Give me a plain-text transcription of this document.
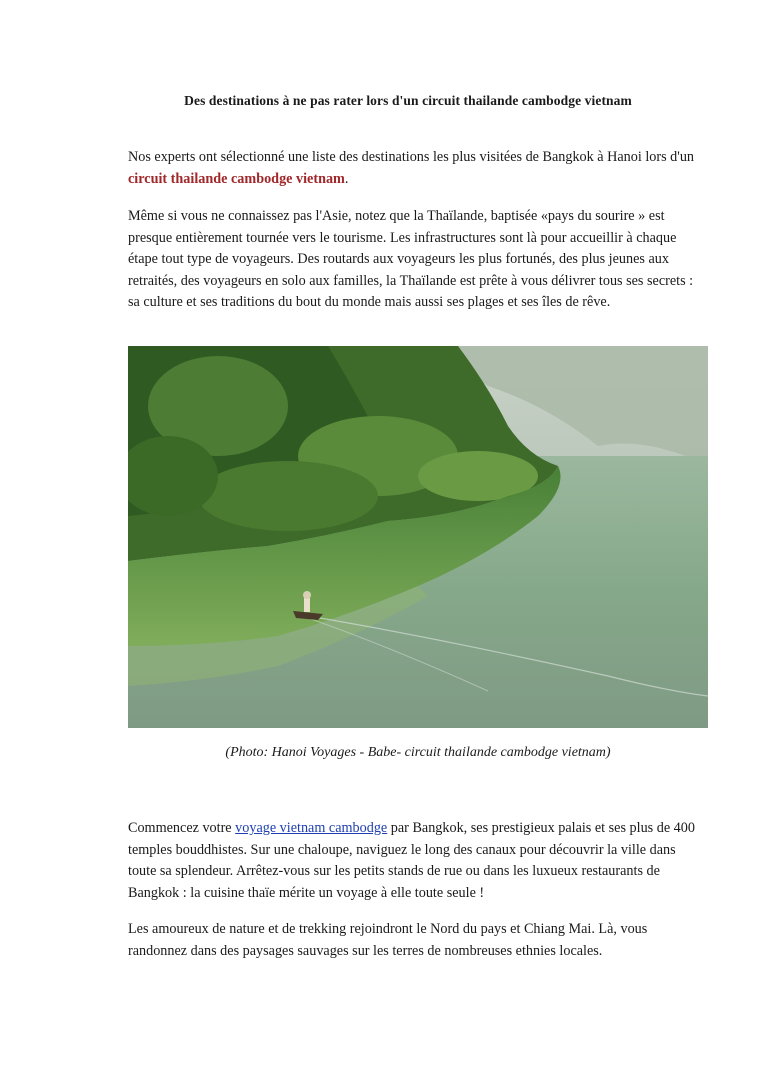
Des destinations à ne pas rater lors d'un circuit thailande cambodge vietnam
Nos experts ont sélectionné une liste des destinations les plus visitées de Bangkok à Hanoi lors d'un circuit thailande cambodge vietnam.
Même si vous ne connaissez pas l'Asie, notez que la Thaïlande, baptisée «pays du sourire » est presque entièrement tournée vers le tourisme. Les infrastructures sont là pour accueillir à chaque étape tout type de voyageurs. Des routards aux voyageurs les plus fortunés, des plus jeunes aux retraités, des voyageurs en solo aux familles, la Thaïlande est prête à vous délivrer tous ses secrets : sa culture et ses traditions du bout du monde mais aussi ses plages et ses îles de rêve.
(Photo: Hanoi Voyages - Babe- circuit thailande cambodge vietnam)
Commencez votre voyage vietnam cambodge par Bangkok, ses prestigieux palais et ses plus de 400 temples bouddhistes. Sur une chaloupe, naviguez le long des canaux pour découvrir la ville dans toute sa splendeur. Arrêtez-vous sur les petits stands de rue ou dans les luxueux restaurants de Bangkok : la cuisine thaïe mérite un voyage à elle toute seule !
Les amoureux de nature et de trekking rejoindront le Nord du pays et Chiang Mai. Là, vous randonnez dans des paysages sauvages sur les terres de nombreuses ethnies locales.
